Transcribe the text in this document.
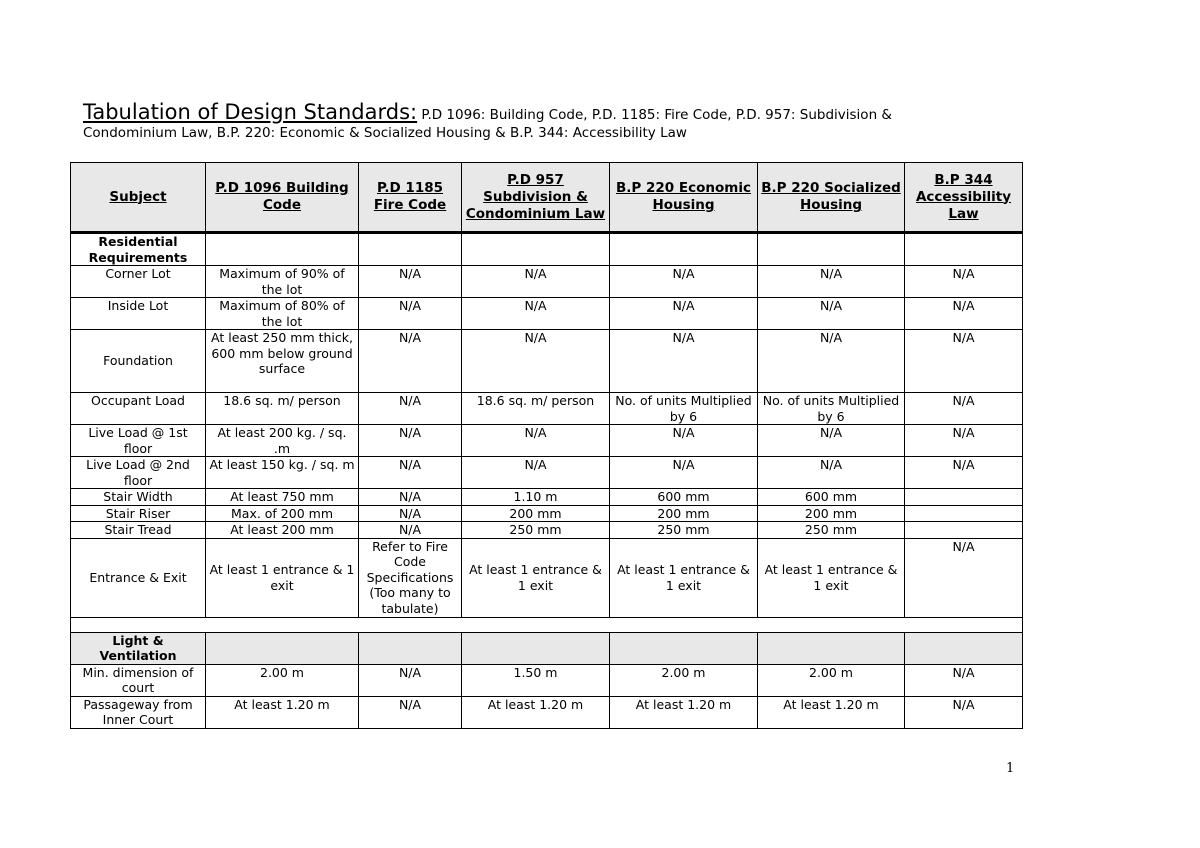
Tabulation of Design Standards: P.D 1096: Building Code, P.D. 1185: Fire Code, P.D. 957: Subdivision & Condominium Law, B.P. 220: Economic & Socialized Housing & B.P. 344: Accessibility Law
Subject	P.D 1096 Building Code	P.D 1185 Fire Code	P.D 957 Subdivision & Condominium Law	B.P 220 Economic Housing	B.P 220 Socialized Housing	B.P 344 Accessibility Law
Residential Requirements						
Corner Lot	Maximum of 90% of the lot	N/A	N/A	N/A	N/A	N/A
Inside Lot	Maximum of 80% of the lot	N/A	N/A	N/A	N/A	N/A
Foundation	At least 250 mm thick, 600 mm below ground surface	N/A	N/A	N/A	N/A	N/A
Occupant Load	18.6 sq. m/ person	N/A	18.6 sq. m/ person	No. of units Multiplied by 6	No. of units Multiplied by 6	N/A
Live Load @ 1st floor	At least 200 kg. / sq. .m	N/A	N/A	N/A	N/A	N/A
Live Load @ 2nd floor	At least 150 kg. / sq. m	N/A	N/A	N/A	N/A	N/A
Stair Width	At least 750 mm	N/A	1.10 m	600 mm	600 mm	
Stair Riser	Max. of 200 mm	N/A	200 mm	200 mm	200 mm	
Stair Tread	At least 200 mm	N/A	250 mm	250 mm	250 mm	
Entrance & Exit	At least 1 entrance & 1 exit	Refer to Fire Code Specifications (Too many to tabulate)	At least 1 entrance & 1 exit	At least 1 entrance & 1 exit	At least 1 entrance & 1 exit	N/A

Light & Ventilation						
Min. dimension of court	2.00 m	N/A	1.50 m	2.00 m	2.00 m	N/A
Passageway from Inner Court	At least 1.20 m	N/A	At least 1.20 m	At least 1.20 m	At least 1.20 m	N/A
1
